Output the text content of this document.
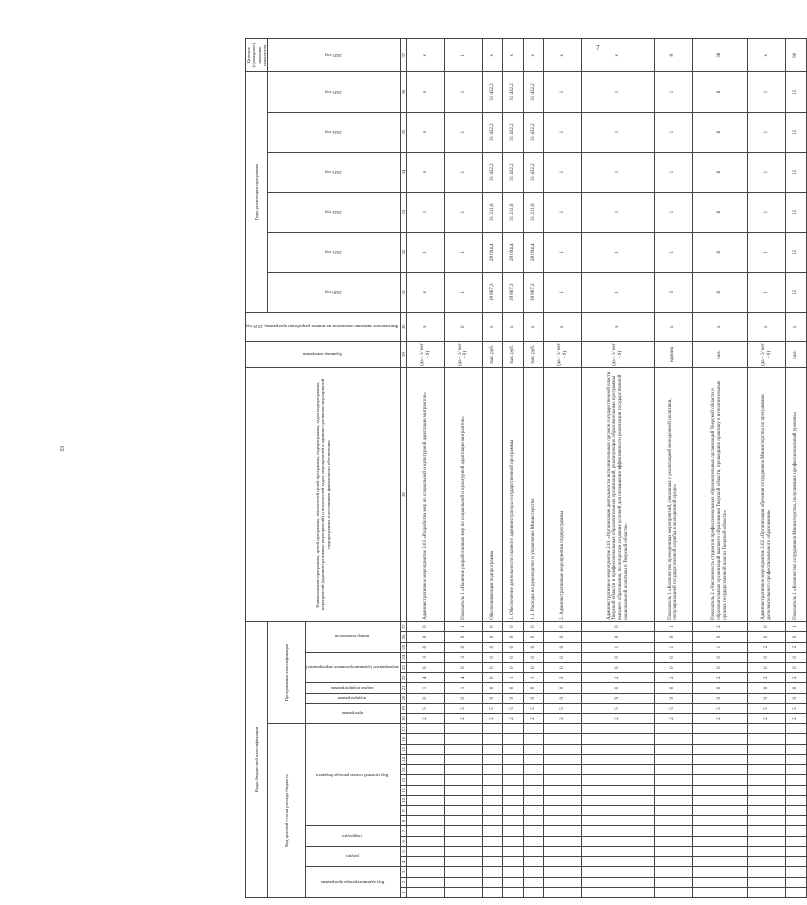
33
7
Коды бюджетной классификации																											Наименование программы, целей программы, показателей целей программы, подпрограммы, задач подпрограммы, мероприятий (административных мероприятий) и показателей задач, мероприятий и административных мероприятий подпрограммы и источников финансового обеспечения	Единица измерения	Фактическое значение показателя на момент разработки программы, 2019 год	Годы реализации программы						Целевое (суммарное) значение показателя
Код целевой статьи расхода бюджета																	Программная классификация													2020 год	2021 год	2022 год	2023 год	2024 год	2025 год	2025 год
Код администратора программы			раздел		подраздел		Код целевой статьи расхода бюджета										программа		подпрограмма	задача подпрограммы	мероприятие (административное мероприятие)			номер показателя												
1	2	3	4	5	6	7	8	9	10	11	12	13	14	15	16	17	18	19	20	21	22	23	24	25	26	27	28	29	30	31	32	33	34	35	36	37
																	2	5	0	1	4	0	3	0	0	0	Административное мероприятие 3.03 «Разработка мер по социальной и культурной адаптации мигрантов»	(да - 1/ нет - 0)	х	х	1	1	х	х	х	х
																	2	5	0	1	4	0	3	0	0	1	Показатель 1 «Наличие разработанных мер по социальной и культурной адаптации мигрантов»	(да - 1/ нет - 0)	0	1	1	1	1	1	1	1
																	2	5	9	0	0	0	0	0	0	0	Обеспечивающая подпрограмма	тыс. руб.	х	18 867,3	28 094,4	31 211,6	31 432,2	31 432,2	31 432,2	х
																	2	5	9	0	1	0	0	0	0	0	1. Обеспечение деятельности главного администратора государственной программы	тыс. руб.	х	18 867,3	28 094,4	31 211,6	31 432,2	31 432,2	31 432,2	х
																	2	5	9	0	1	0	0	0	0	0	1.1. Расходы на руководство и управление Министерства	тыс. руб.	х	18 867,3	28 094,4	31 211,6	31 432,2	31 432,2	31 432,2	х
																	2	5	9	0	2	0	0	0	0	0	2. Административные мероприятия подпрограммы	(да - 1/ нет - 0)	х	1	1	1	1	1	1	х
																	2	5	9	0	2	0	0	1	0	0	Административное мероприятие 2.01 «Организация деятельности исполнительных органов государственной власти Тверской области и профессиональных образовательных организаций, реализующих образовательные программы высшего образования, по вопросам создания условий для повышения эффективности реализации государственной национальной политики в Тверской области»	(да - 1/ нет - 0)	х	1	1	1	1	1	1	х
																	2	5	9	0	2	0	0	1	0	1	Показатель 1 «Количество проведенных мероприятий, связанных с реализацией молодежной политики, популяризацией государственной службы в молодежной среде»	единиц	х	3	1	1	1	1	1	8
																	2	5	9	0	2	0	0	1	0	2	Показатель 2 «Численность студентов профессиональных образовательных организаций Тверской области и образовательных организаций высшего образования Тверской области, прошедших практику в исполнительных органах государственной власти Тверской области»	чел.	х	6	6	6	6	6	6	36
																	2	5	9	0	2	0	0	2	0	0	Административное мероприятие 2.02 «Организация обучения сотрудников Министерства по программам дополнительного профессионального образования»	(да - 1/ нет - 0)	х	1	1	1	1	1	1	х
																	2	5	9	0	2	0	0	2	0	1	Показатель 1 «Количество сотрудников Министерства, получивших профессиональный уровень»	чел.	х	15	15	15	15	15	15	90
